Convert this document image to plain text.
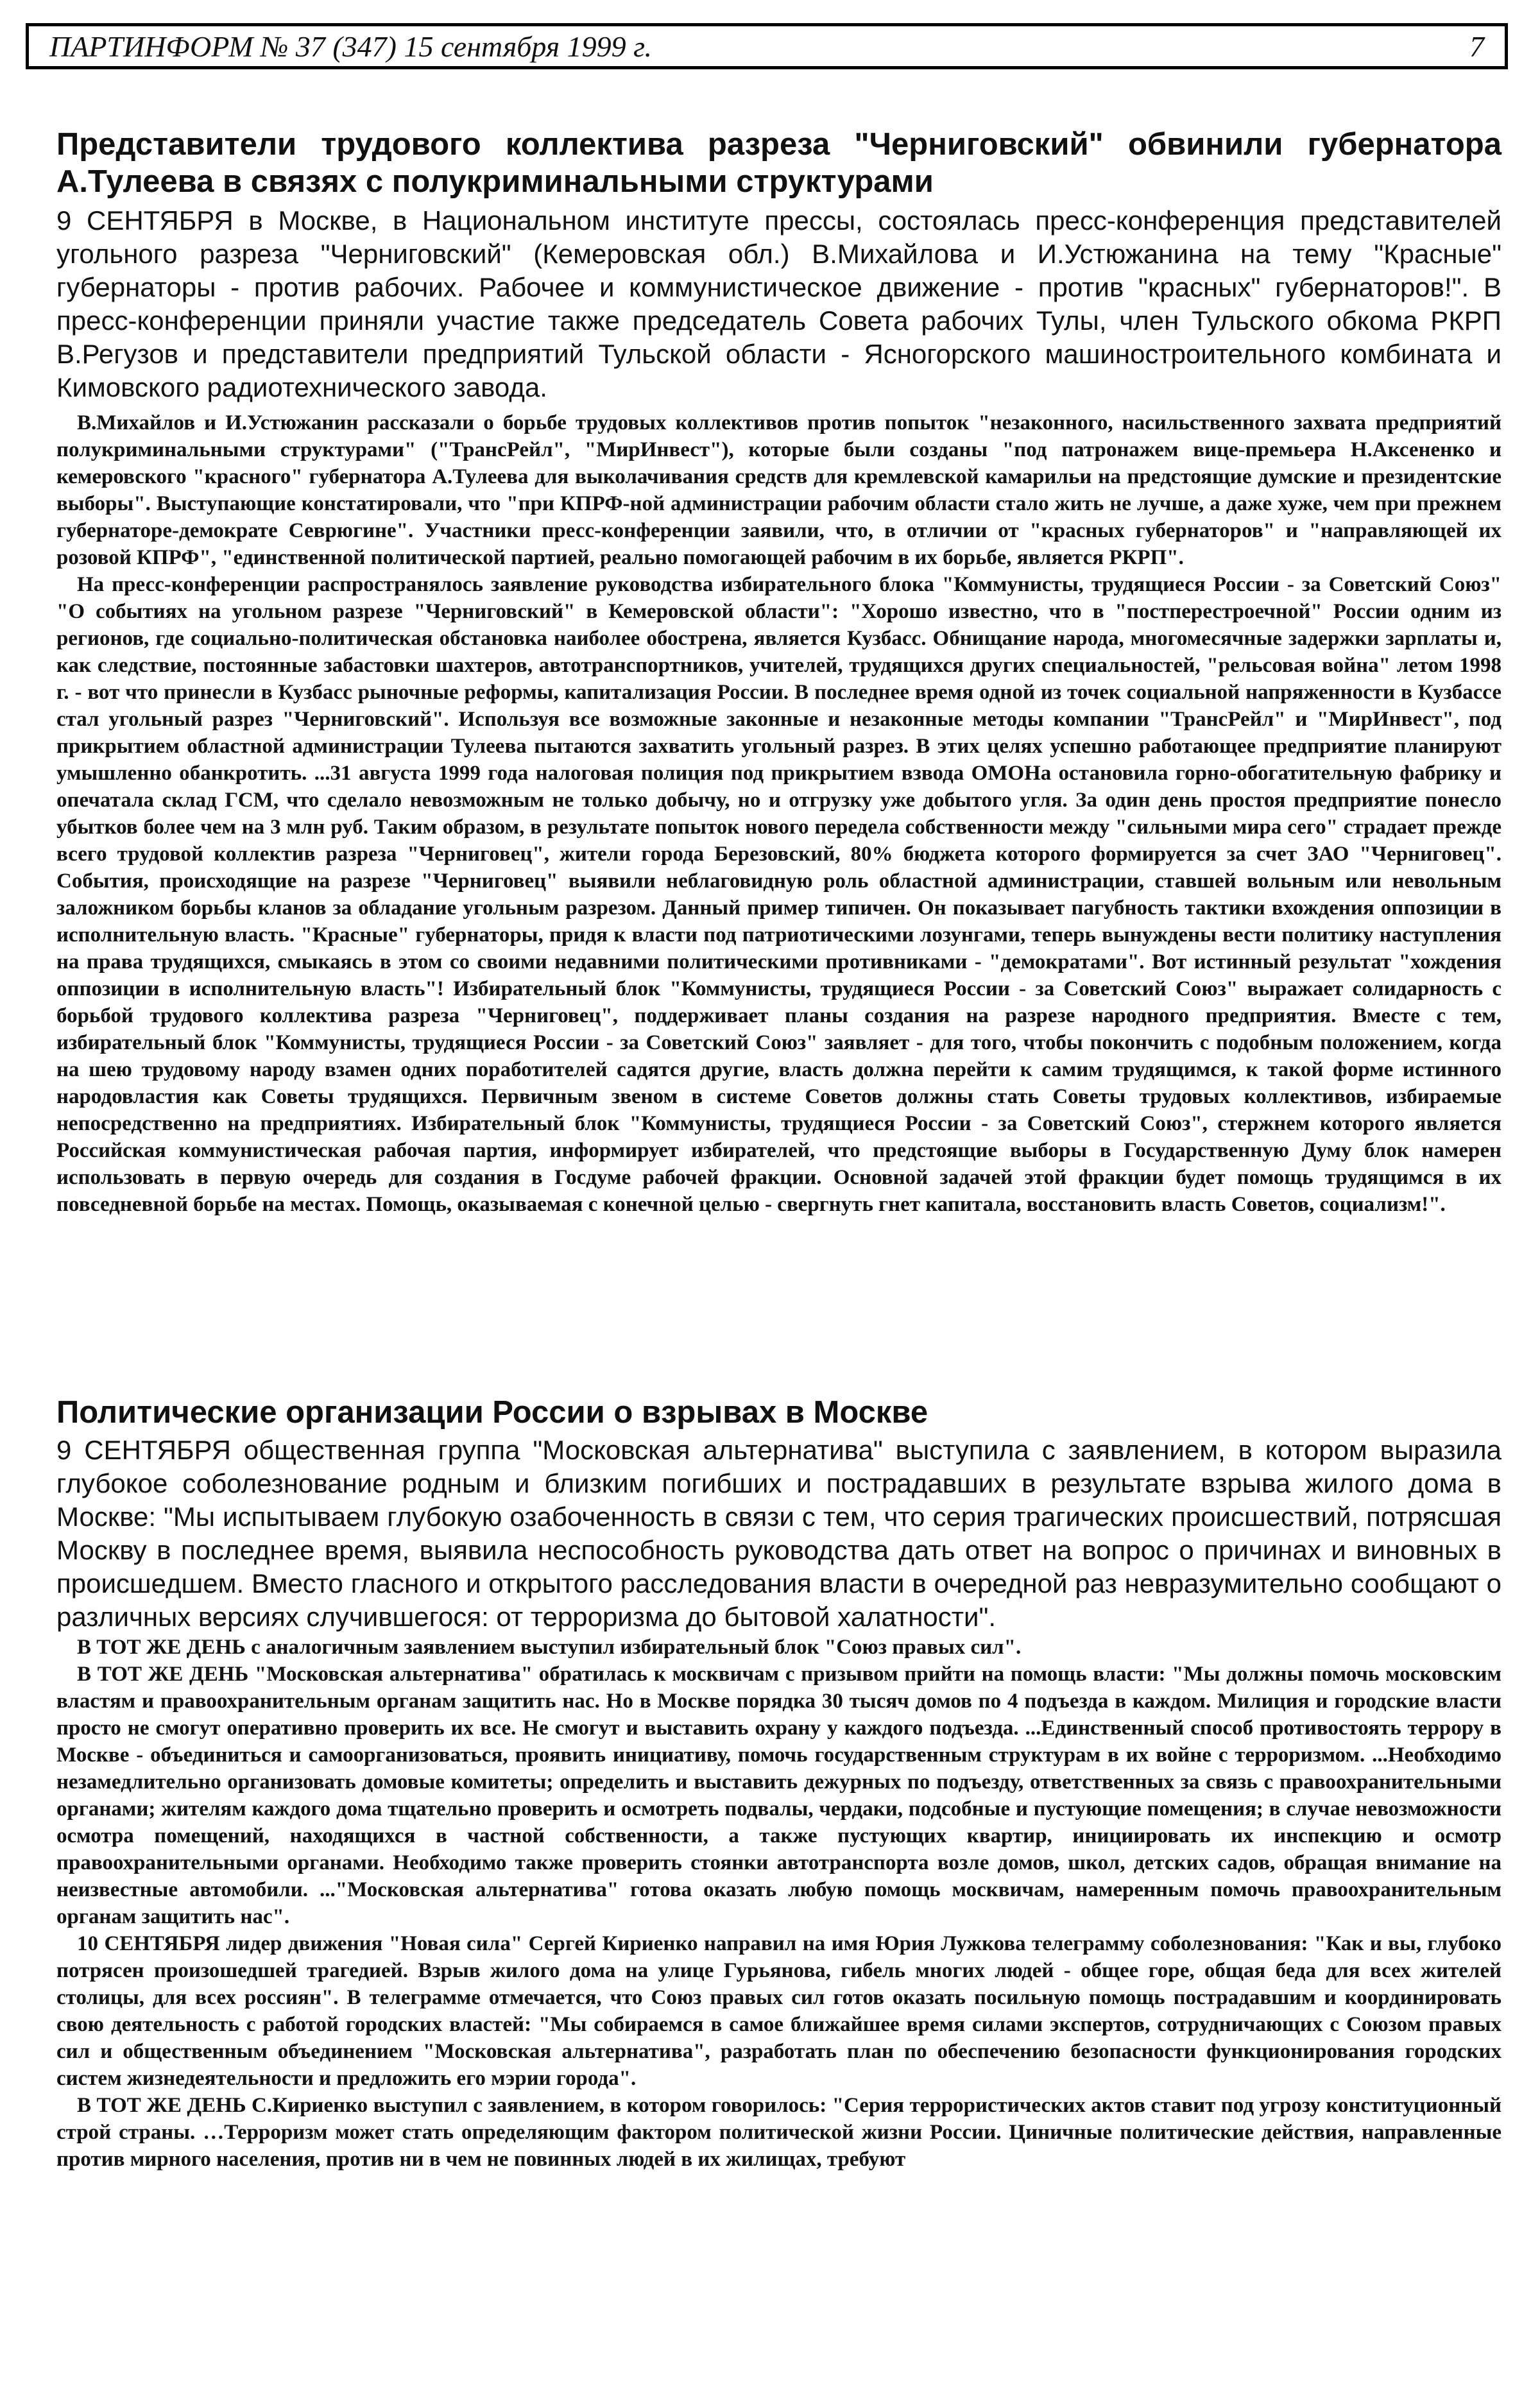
ПАРТИНФОРМ № 37 (347) 15 сентября 1999 г.	7
Представители трудового коллектива разреза "Черниговский" обвинили губернатора А.Тулеева в связях с полукриминальными структурами

9 СЕНТЯБРЯ в Москве, в Национальном институте прессы, состоялась пресс-конференция представителей угольного разреза "Черниговский" (Кемеровская обл.) В.Михайлова и И.Устюжанина на тему "Красные" губернаторы - против рабочих. Рабочее и коммунистическое движение - против "красных" губернаторов!". В пресс-конференции приняли участие также председатель Совета рабочих Тулы, член Тульского обкома РКРП В.Регузов и представители предприятий Тульской области - Ясногорского машиностроительного комбината и Кимовского радиотехнического завода.

В.Михайлов и И.Устюжанин рассказали о борьбе трудовых коллективов против попыток "незаконного, насильственного захвата предприятий полукриминальными структурами" ("ТрансРейл", "МирИнвест"), которые были созданы "под патронажем вице-премьера Н.Аксененко и кемеровского "красного" губернатора А.Тулеева для выколачивания средств для кремлевской камарильи на предстоящие думские и президентские выборы". Выступающие констатировали, что "при КПРФ-ной администрации рабочим области стало жить не лучше, а даже хуже, чем при прежнем губернаторе-демократе Севрюгине". Участники пресс-конференции заявили, что, в отличии от "красных губернаторов" и "направляющей их розовой КПРФ", "единственной политической партией, реально помогающей рабочим в их борьбе, является РКРП".

На пресс-конференции распространялось заявление руководства избирательного блока "Коммунисты, трудящиеся России - за Советский Союз" "О событиях на угольном разрезе "Черниговский" в Кемеровской области": "Хорошо известно, что в "постперестроечной" России одним из регионов, где социально-политическая обстановка наиболее обострена, является Кузбасс. Обнищание народа, многомесячные задержки зарплаты и, как следствие, постоянные забастовки шахтеров, автотранспортников, учителей, трудящихся других специальностей, "рельсовая война" летом 1998 г. - вот что принесли в Кузбасс рыночные реформы, капитализация России. В последнее время одной из точек социальной напряженности в Кузбассе стал угольный разрез "Черниговский". Используя все возможные законные и незаконные методы компании "ТрансРейл" и "МирИнвест", под прикрытием областной администрации Тулеева пытаются захватить угольный разрез. В этих целях успешно работающее предприятие планируют умышленно обанкротить. ...31 августа 1999 года налоговая полиция под прикрытием взвода ОМОНа остановила горно-обогатительную фабрику и опечатала склад ГСМ, что сделало невозможным не только добычу, но и отгрузку уже добытого угля. За один день простоя предприятие понесло убытков более чем на 3 млн руб. Таким образом, в результате попыток нового передела собственности между "сильными мира сего" страдает прежде всего трудовой коллектив разреза "Черниговец", жители города Березовский, 80% бюджета которого формируется за счет ЗАО "Черниговец". События, происходящие на разрезе "Черниговец" выявили неблаговидную роль областной администрации, ставшей вольным или невольным заложником борьбы кланов за обладание угольным разрезом. Данный пример типичен. Он показывает пагубность тактики вхождения оппозиции в исполнительную власть. "Красные" губернаторы, придя к власти под патриотическими лозунгами, теперь вынуждены вести политику наступления на права трудящихся, смыкаясь в этом со своими недавними политическими противниками - "демократами". Вот истинный результат "хождения оппозиции в исполнительную власть"! Избирательный блок "Коммунисты, трудящиеся России - за Советский Союз" выражает солидарность с борьбой трудового коллектива разреза "Черниговец", поддерживает планы создания на разрезе народного предприятия. Вместе с тем, избирательный блок "Коммунисты, трудящиеся России - за Советский Союз" заявляет - для того, чтобы покончить с подобным положением, когда на шею трудовому народу взамен одних поработителей садятся другие, власть должна перейти к самим трудящимся, к такой форме истинного народовластия как Советы трудящихся. Первичным звеном в системе Советов должны стать Советы трудовых коллективов, избираемые непосредственно на предприятиях. Избирательный блок "Коммунисты, трудящиеся России - за Советский Союз", стержнем которого является Российская коммунистическая рабочая партия, информирует избирателей, что предстоящие выборы в Государственную Думу блок намерен использовать в первую очередь для создания в Госдуме рабочей фракции. Основной задачей этой фракции будет помощь трудящимся в их повседневной борьбе на местах. Помощь, оказываемая с конечной целью - свергнуть гнет капитала, восстановить власть Советов, социализм!".

Политические организации России о взрывах в Москве

9 СЕНТЯБРЯ общественная группа "Московская альтернатива" выступила с заявлением, в котором выразила глубокое соболезнование родным и близким погибших и пострадавших в результате взрыва жилого дома в Москве: "Мы испытываем глубокую озабоченность в связи с тем, что серия трагических происшествий, потрясшая Москву в последнее время, выявила неспособность руководства дать ответ на вопрос о причинах и виновных в происшедшем. Вместо гласного и открытого расследования власти в очередной раз невразумительно сообщают о различных версиях случившегося: от терроризма до бытовой халатности".

В ТОТ ЖЕ ДЕНЬ с аналогичным заявлением выступил избирательный блок "Союз правых сил".

В ТОТ ЖЕ ДЕНЬ "Московская альтернатива" обратилась к москвичам с призывом прийти на помощь власти: "Мы должны помочь московским властям и правоохранительным органам защитить нас. Но в Москве порядка 30 тысяч домов по 4 подъезда в каждом. Милиция и городские власти просто не смогут оперативно проверить их все. Не смогут и выставить охрану у каждого подъезда. ...Единственный способ противостоять террору в Москве - объединиться и самоорганизоваться, проявить инициативу, помочь государственным структурам в их войне с терроризмом. ...Необходимо незамедлительно организовать домовые комитеты; определить и выставить дежурных по подъезду, ответственных за связь с правоохранительными органами; жителям каждого дома тщательно проверить и осмотреть подвалы, чердаки, подсобные и пустующие помещения; в случае невозможности осмотра помещений, находящихся в частной собственности, а также пустующих квартир, инициировать их инспекцию и осмотр правоохранительными органами. Необходимо также проверить стоянки автотранспорта возле домов, школ, детских садов, обращая внимание на неизвестные автомобили. ..."Московская альтернатива" готова оказать любую помощь москвичам, намеренным помочь правоохранительным органам защитить нас".

10 СЕНТЯБРЯ лидер движения "Новая сила" Сергей Кириенко направил на имя Юрия Лужкова телеграмму соболезнования: "Как и вы, глубоко потрясен произошедшей трагедией. Взрыв жилого дома на улице Гурьянова, гибель многих людей - общее горе, общая беда для всех жителей столицы, для всех россиян". В телеграмме отмечается, что Союз правых сил готов оказать посильную помощь пострадавшим и координировать свою деятельность с работой городских властей: "Мы собираемся в самое ближайшее время силами экспертов, сотрудничающих с Союзом правых сил и общественным объединением "Московская альтернатива", разработать план по обеспечению безопасности функционирования городских систем жизнедеятельности и предложить его мэрии города".

В ТОТ ЖЕ ДЕНЬ С.Кириенко выступил с заявлением, в котором говорилось: "Серия террористических актов ставит под угрозу конституционный строй страны. …Терроризм может стать определяющим фактором политической жизни России. Циничные политические действия, направленные против мирного населения, против ни в чем не повинных людей в их жилищах, требуют
